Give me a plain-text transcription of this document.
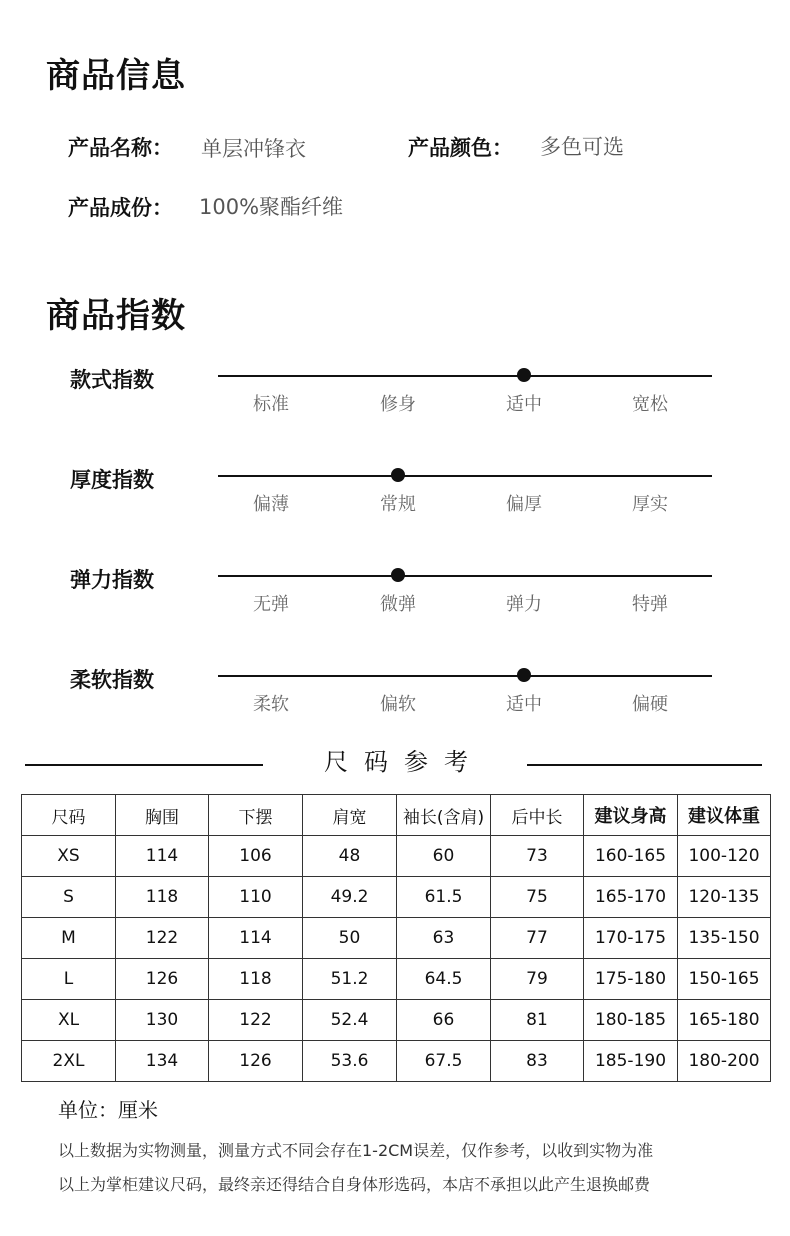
商品信息
产品名称： 单层冲锋衣	产品颜色： 多色可选
产品成份： 100%聚酯纤维
商品指数
款式指数
标准	修身	适中	宽松
厚度指数
偏薄	常规	偏厚	厚实
弹力指数
无弹	微弹	弹力	特弹
柔软指数
柔软	偏软	适中	偏硬
尺码参考
尺码	胸围	下摆	肩宽	袖长(含肩)	后中长	建议身高	建议体重
XS	114	106	48	60	73	160-165	100-120
S	118	110	49.2	61.5	75	165-170	120-135
M	122	114	50	63	77	170-175	135-150
L	126	118	51.2	64.5	79	175-180	150-165
XL	130	122	52.4	66	81	180-185	165-180
2XL	134	126	53.6	67.5	83	185-190	180-200
单位：厘米
以上数据为实物测量，测量方式不同会存在1-2CM误差，仅作参考，以收到实物为准
以上为掌柜建议尺码，最终亲还得结合自身体形选码，本店不承担以此产生退换邮费
